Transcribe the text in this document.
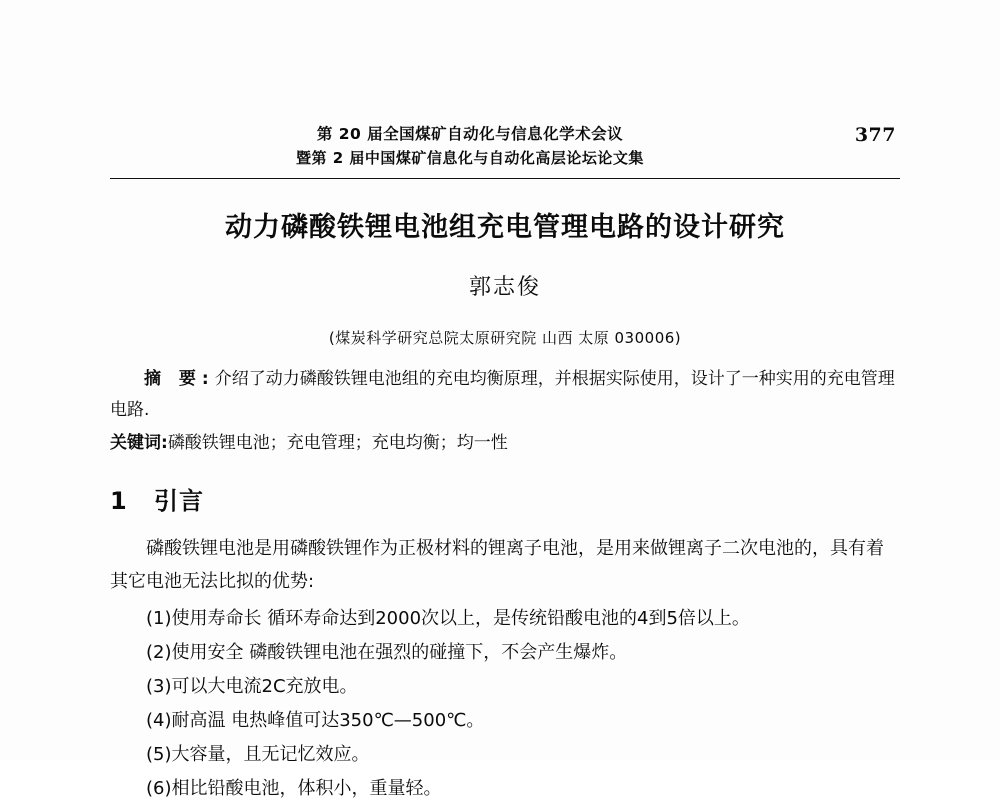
第 20 届全国煤矿自动化与信息化学术会议
暨第 2 届中国煤矿信息化与自动化高层论坛论文集
377
动力磷酸铁锂电池组充电管理电路的设计研究
郭志俊
(煤炭科学研究总院太原研究院 山西 太原 030006)

摘 要:介绍了动力磷酸铁锂电池组的充电均衡原理，并根据实际使用，设计了一种实用的充电管理电路.

关键词:磷酸铁锂电池；充电管理；充电均衡；均一性
1 引言
磷酸铁锂电池是用磷酸铁锂作为正极材料的锂离子电池，是用来做锂离子二次电池的，具有着其它电池无法比拟的优势:
(1)使用寿命长 循环寿命达到2000次以上，是传统铅酸电池的4到5倍以上。
(2)使用安全 磷酸铁锂电池在强烈的碰撞下，不会产生爆炸。
(3)可以大电流2C充放电。
(4)耐高温 电热峰值可达350℃—500℃。
(5)大容量，且无记忆效应。
(6)相比铅酸电池，体积小，重量轻。
